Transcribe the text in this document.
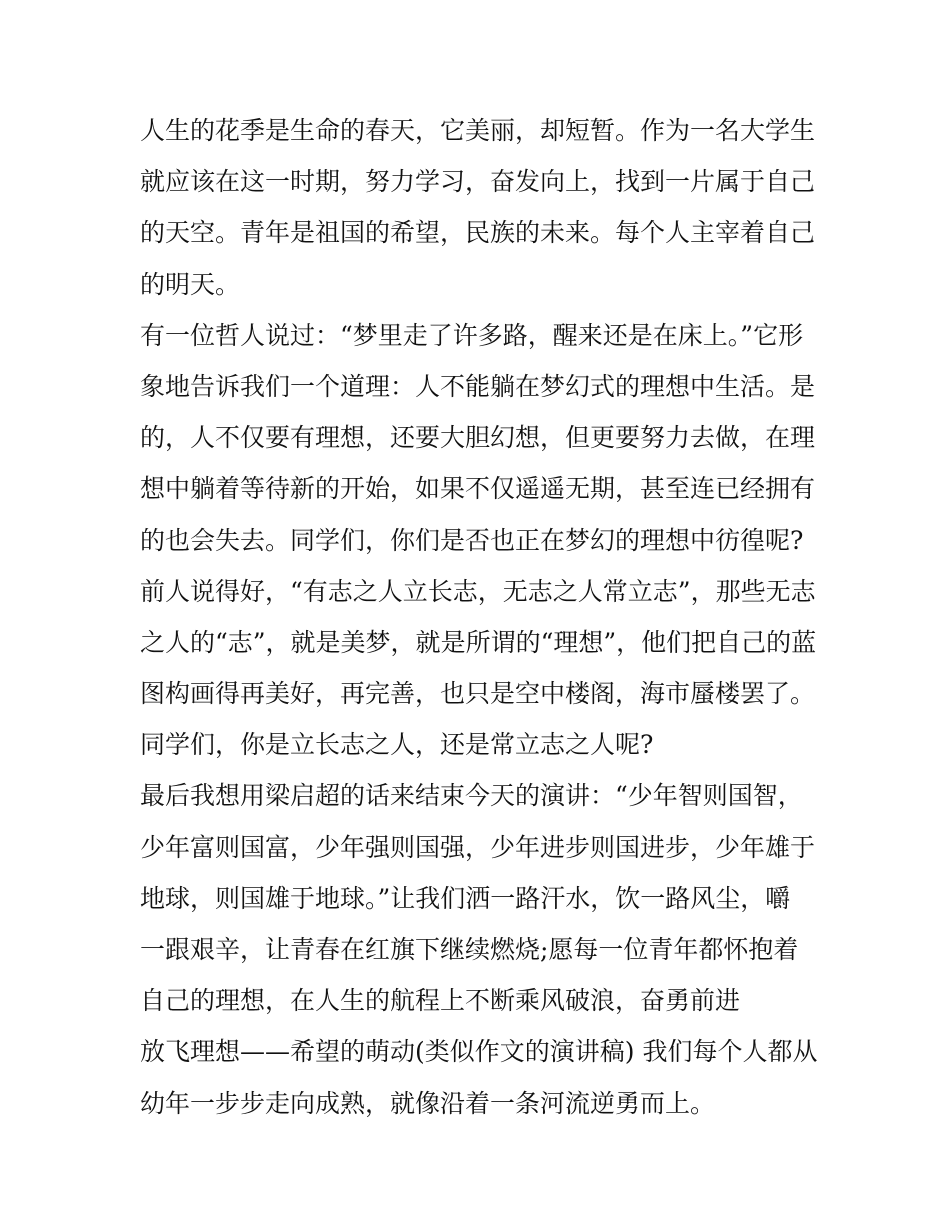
人生的花季是生命的春天，它美丽，却短暂。作为一名大学生
就应该在这一时期，努力学习，奋发向上，找到一片属于自己
的天空。青年是祖国的希望，民族的未来。每个人主宰着自己
的明天。
有一位哲人说过：“梦里走了许多路，醒来还是在床上。”它形
象地告诉我们一个道理：人不能躺在梦幻式的理想中生活。是
的，人不仅要有理想，还要大胆幻想，但更要努力去做，在理
想中躺着等待新的开始，如果不仅遥遥无期，甚至连已经拥有
的也会失去。同学们，你们是否也正在梦幻的理想中彷徨呢?
前人说得好，“有志之人立长志，无志之人常立志”，那些无志
之人的“志”，就是美梦，就是所谓的“理想”，他们把自己的蓝
图构画得再美好，再完善，也只是空中楼阁，海市蜃楼罢了。
同学们，你是立长志之人，还是常立志之人呢?
最后我想用梁启超的话来结束今天的演讲：“少年智则国智，
少年富则国富，少年强则国强，少年进步则国进步，少年雄于
地球，则国雄于地球。”让我们洒一路汗水，饮一路风尘，嚼
一跟艰辛，让青春在红旗下继续燃烧;愿每一位青年都怀抱着
自己的理想，在人生的航程上不断乘风破浪，奋勇前进
放飞理想——希望的萌动(类似作文的演讲稿) 我们每个人都从
幼年一步步走向成熟，就像沿着一条河流逆勇而上。
